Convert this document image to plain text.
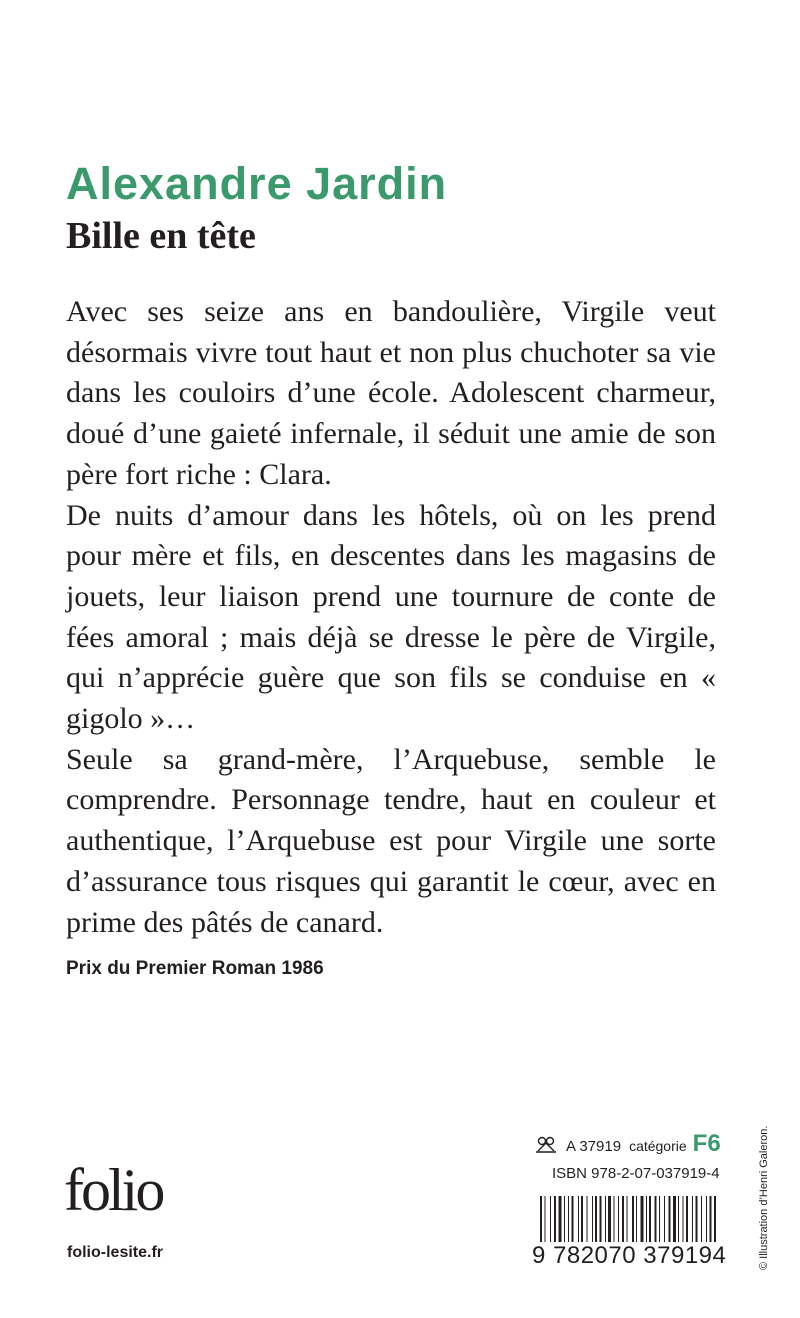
Alexandre Jardin
Bille en tête

Avec ses seize ans en bandoulière, Virgile veut désormais vivre tout haut et non plus chuchoter sa vie dans les couloirs d’une école. Adolescent charmeur, doué d’une gaieté infernale, il séduit une amie de son père fort riche : Clara.

De nuits d’amour dans les hôtels, où on les prend pour mère et fils, en descentes dans les magasins de jouets, leur liaison prend une tournure de conte de fées amoral ; mais déjà se dresse le père de Virgile, qui n’apprécie guère que son fils se conduise en « gigolo »…

Seule sa grand-mère, l’Arquebuse, semble le comprendre. Personnage tendre, haut en couleur et authentique, l’Arquebuse est pour Virgile une sorte d’assurance tous risques qui garantit le cœur, avec en prime des pâtés de canard.

Prix du Premier Roman 1986

folio
folio-lesite.fr
A 37919 catégorie F6
ISBN 978-2-07-037919-4
9 782070 379194	© Illustration d’Henri Galeron.
